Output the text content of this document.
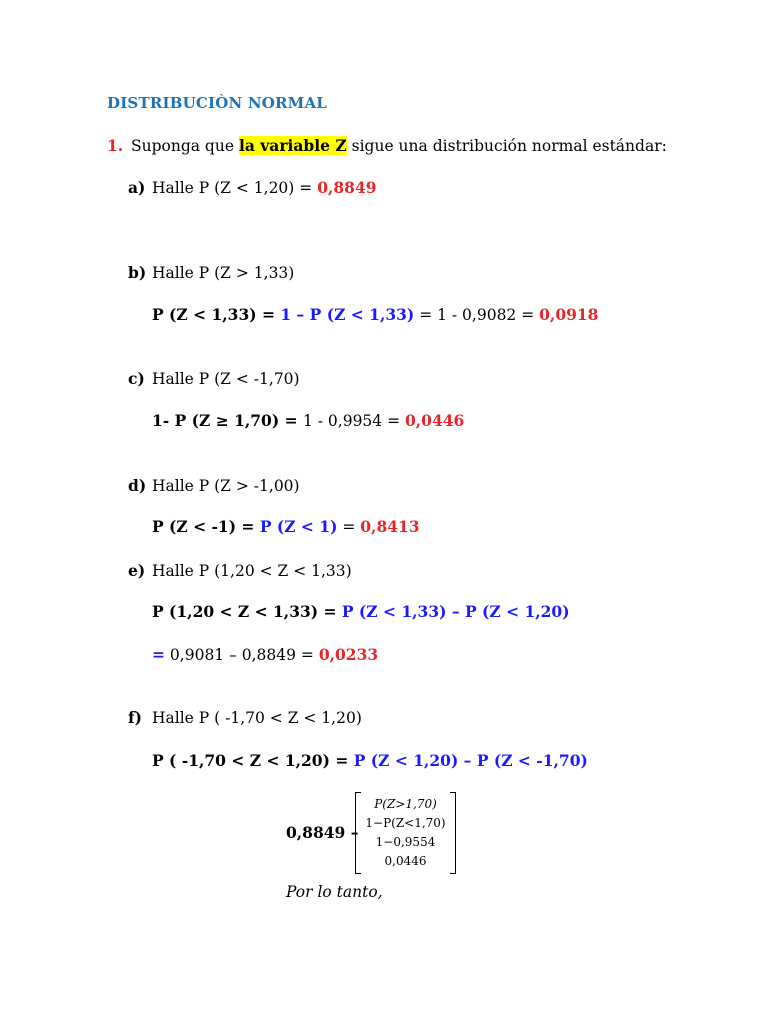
DISTRIBUCIÒN NORMAL
1. Suponga que la variable Z sigue una distribución normal estándar:
a) Halle P (Z < 1,20) = 0,8849
b) Halle P (Z > 1,33)
P (Z < 1,33) = 1 – P (Z < 1,33) = 1 - 0,9082 = 0,0918
c) Halle P (Z < -1,70)
1- P (Z ≥ 1,70) = 1 - 0,9954 = 0,0446
d) Halle P (Z > -1,00)
P (Z < -1) = P (Z < 1) = 0,8413
e) Halle P (1,20 < Z < 1,33)
P (1,20 < Z < 1,33) = P (Z < 1,33) – P (Z < 1,20)
= 0,9081 – 0,8849 = 0,0233
f) Halle P ( -1,70 < Z < 1,20)
P ( -1,70 < Z < 1,20) = P (Z < 1,20) – P (Z < -1,70)
0,8849 –
P(Z>1,70)
1−P(Z<1,70)
1−0,9554
0,0446
Por lo tanto,
